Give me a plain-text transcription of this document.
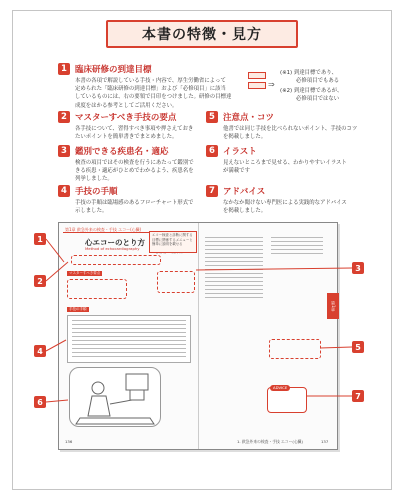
本書の特徴・見方
1 臨床研修の到達目標
本書の各項で解説している手技・内容で、厚生労働省によって
定められた「臨床研修の到達目標」および「必修項目」に該当
しているものには、右の要領で目印をつけました。研修の目標達
成度をはかる参考としてご活用ください。
⇒
(※1) 到達目標であり、
必修項目でもある
(※2) 到達目標であるが、
必修項目ではない
2 マスターすべき手技の要点
各手技について、習得すべき事項や押さえておき
たいポイントを簡単書きでまとめました。
3 鑑別できる疾患名・適応
検査の項目ではその検査を行うにあたって鑑別で
きる疾患・適応がひとめでわかるよう、疾患名を
列挙しました。
4 手技の手順
手技の手順は臨場感のあるフローチャート形式で
示しました。
5 注意点・コツ
他書では同じ手技を比べられないポイント、手技のコツ
を掲載しました。
6 イラスト
見えないところまで見せる、わかりやすいイラスト
が満載です
7 アドバイス
なかなか聞けない専門医による実践的なアドバイス
を掲載しました。
第1章 救急外来の検査・手技 エコー(心臓)
心エコーのとり方
Method of echocardiography
エコー検査と診断に関する目標に関係するメニューと簡単に説明を載せる
マスターすべき要点
手技の手順
ADVICE
第1章
136	1. 救急外来の検査・手技 エコー(心臓)	137
1
2
3
4	5
6
7
